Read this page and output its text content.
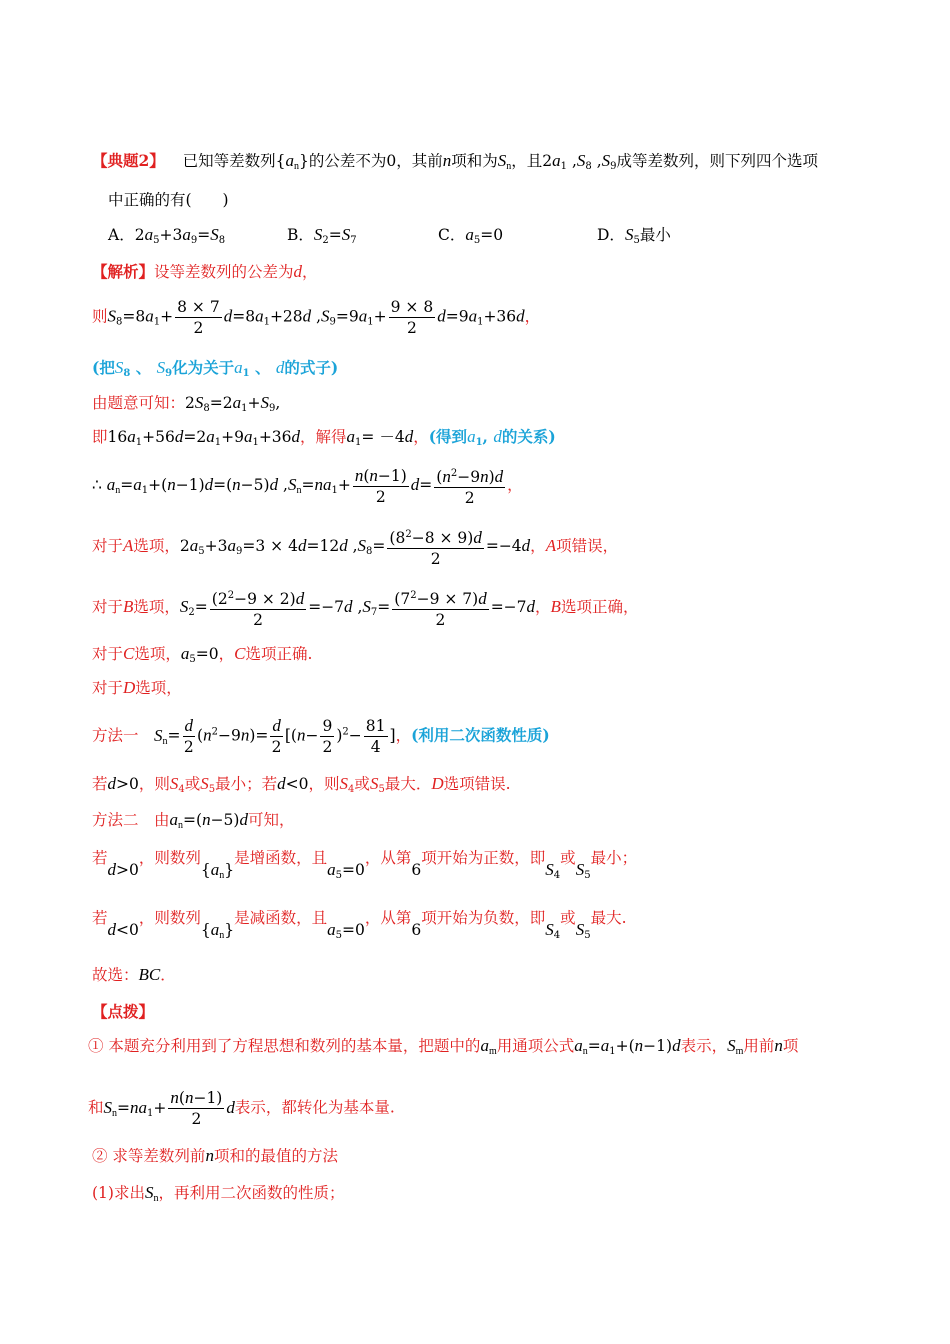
【典题2】 已知等差数列$\{a_n\}$的公差不为0，其前n项和为$S_n$，且$2a_1$ $,S_8$ $,S_9$成等差数列，则下列四个选项
中正确的有(　　)
A．$2a_5+3a_9=S_8$	B．$S_2=S_7$	C．$a_5=0$	D．$S_5$最小
【解析】设等差数列的公差为d，
则$S_8=8a_1+ \frac{8 \times 7}{2} d=8a_1+28d$ $,S_9=9a_1+ \frac{9 \times 8}{2} d=9a_1+36d$，
(把$S_8$ 、 $S_9$化为关于$a_1$ 、 d的式子)
由题意可知：$2S_8=2a_1+S_9$,
即$16a_1+56d=2a_1+9a_1+36d$，解得$a_1= -4d$，(得到$a_1$, d的关系)
∴ $a_n=a_1+(n-1)d=(n-5)d$ $,S_n=na_1+ \frac{n(n-1)}{2} d= \frac{(n^2-9n)d}{2}$ ，
对于A选项，$2a_5+3a_9=3 \times 4d=12d$ $,S_8= \frac{(8^2-8 \times 9)d}{2} =-4d$，A项错误，
对于B选项，$S_2= \frac{(2^2-9 \times 2)d}{2} =-7d$ $,S_7= \frac{(7^2-9 \times 7)d}{2} =-7d$，B选项正确，
对于C选项，$a_5=0$，C选项正确.
对于D选项，
方法一　$S_n= \frac{d}{2} (n^2-9n)= \frac{d}{2} [(n- \frac{9}{2} )^2- \frac{81}{4}$ ]，(利用二次函数性质)
若d>0，则$S_4$或$S_5$最小；若d<0，则$S_4$或$S_5$最大．D选项错误.
方法二　由$a_n=(n-5)d$可知，
若d>0，则数列$\{a_n\}$是增函数，且$a_5=0$，从第6项开始为正数，即$S_4$或$S_5$最小；
若d<0，则数列$\{a_n\}$是减函数，且$a_5=0$，从第6项开始为负数，即$S_4$或$S_5$最大.
故选：BC．
【点拨】
① 本题充分利用到了方程思想和数列的基本量，把题中的$a_m$用通项公式$a_n=a_1+(n-1)d$表示，$S_m$用前n项
和$S_n=na_1+ \frac{n(n-1)}{2}$ d表示，都转化为基本量.
② 求等差数列前n项和的最值的方法
(1)求出$S_n$，再利用二次函数的性质；
